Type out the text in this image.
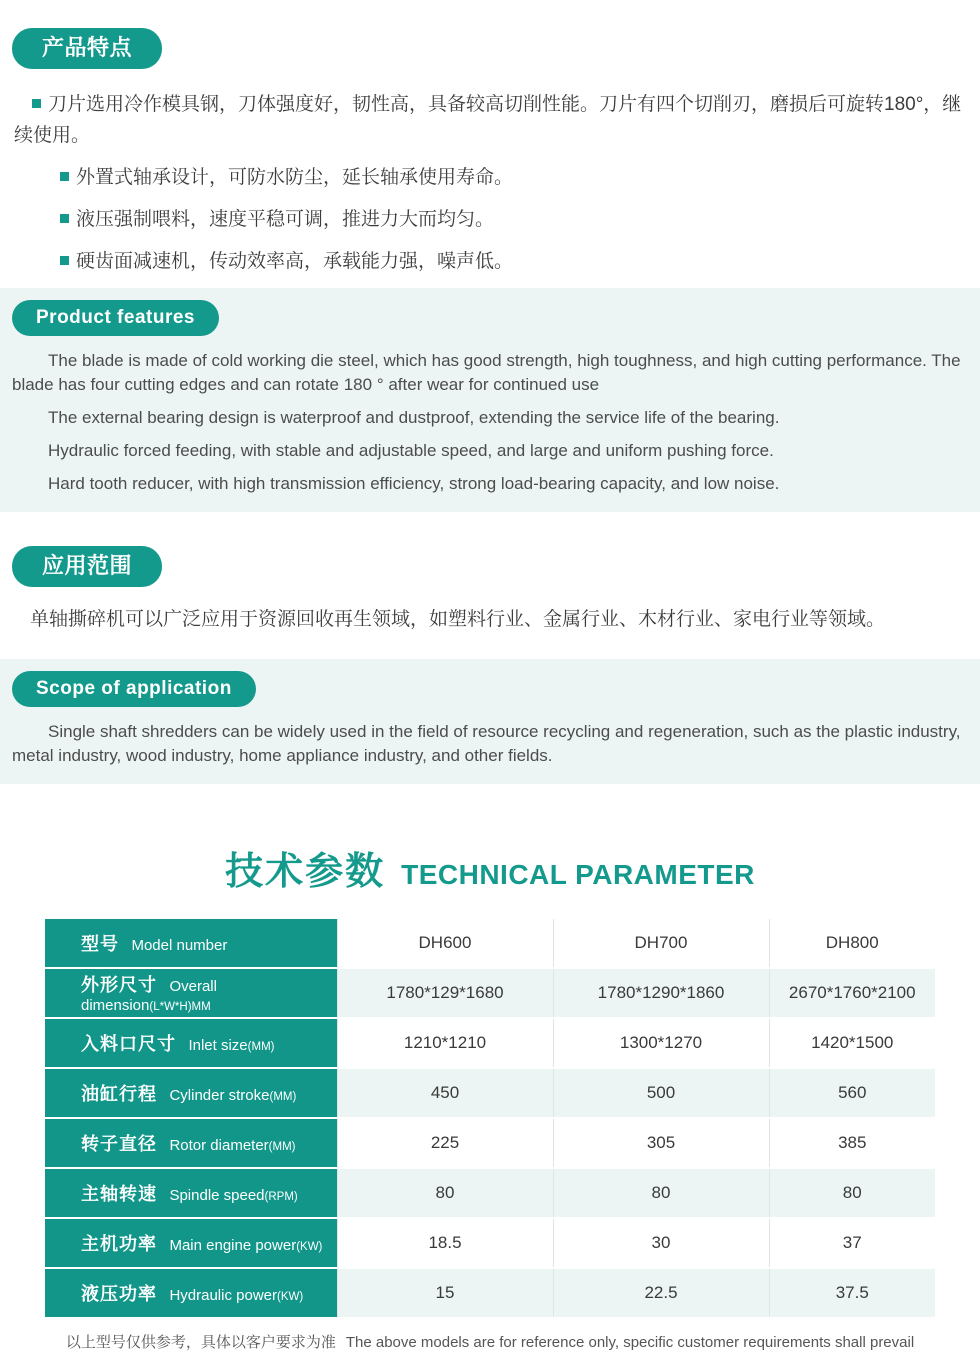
产品特点

刀片选用冷作模具钢，刀体强度好，韧性高，具备较高切削性能。刀片有四个切削刃，磨损后可旋转180°，继续使用。

外置式轴承设计，可防水防尘，延长轴承使用寿命。

液压强制喂料，速度平稳可调，推进力大而均匀。

硬齿面减速机，传动效率高，承载能力强，噪声低。

Product features

The blade is made of cold working die steel, which has good strength, high toughness, and high cutting performance. The blade has four cutting edges and can rotate 180 ° after wear for continued use

The external bearing design is waterproof and dustproof, extending the service life of the bearing.

Hydraulic forced feeding, with stable and adjustable speed, and large and uniform pushing force.

Hard tooth reducer, with high transmission efficiency, strong load-bearing capacity, and low noise.

应用范围

单轴撕碎机可以广泛应用于资源回收再生领域，如塑料行业、金属行业、木材行业、家电行业等领域。

Scope of application

Single shaft shredders can be widely used in the field of resource recycling and regeneration, such as the plastic industry, metal industry, wood industry, home appliance industry, and other fields.

技术参数 TECHNICAL PARAMETER
型号 Model number	DH600	DH700	DH800
外形尺寸 Overall dimension(L*W*H)MM	1780*129*1680	1780*1290*1860	2670*1760*2100
入料口尺寸 Inlet size(MM)	1210*1210	1300*1270	1420*1500
油缸行程 Cylinder stroke(MM)	450	500	560
转子直径 Rotor diameter(MM)	225	305	385
主轴转速 Spindle speed(RPM)	80	80	80
主机功率 Main engine power(KW)	18.5	30	37
液压功率 Hydraulic power(KW)	15	22.5	37.5
以上型号仅供参考，具体以客户要求为准 The above models are for reference only, specific customer requirements shall prevail
